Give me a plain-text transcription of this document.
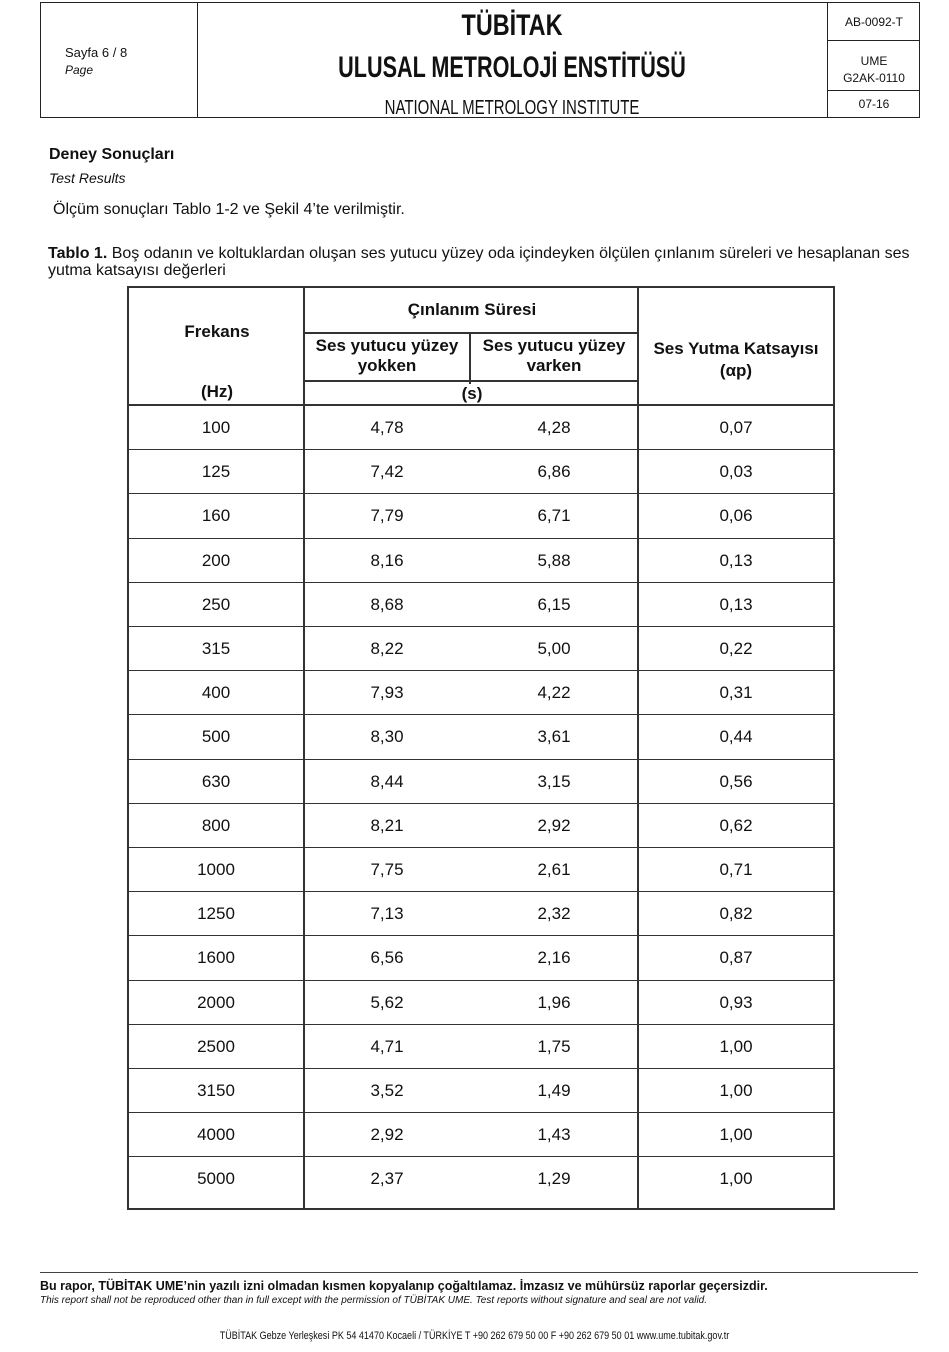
Sayfa 6 / 8
Page
TÜBİTAK
ULUSAL METROLOJİ ENSTİTÜSÜ
NATIONAL METROLOGY INSTITUTE
AB-0092-T
UME
G2AK-0110
07-16
Deney Sonuçları
Test Results
Ölçüm sonuçları Tablo 1-2 ve Şekil 4’te verilmiştir.
Tablo 1. Boş odanın ve koltuklardan oluşan ses yutucu yüzey oda içindeyken ölçülen çınlanım süreleri ve hesaplanan ses yutma katsayısı değerleri
Frekans
(Hz)
Çınlanım Süresi
Ses yutucu yüzey
yokken
Ses yutucu yüzey
varken
(s)
Ses Yutma Katsayısı
(αp)
100	4,78	4,28	0,07
125	7,42	6,86	0,03
160	7,79	6,71	0,06
200	8,16	5,88	0,13
250	8,68	6,15	0,13
315	8,22	5,00	0,22
400	7,93	4,22	0,31
500	8,30	3,61	0,44
630	8,44	3,15	0,56
800	8,21	2,92	0,62
1000	7,75	2,61	0,71
1250	7,13	2,32	0,82
1600	6,56	2,16	0,87
2000	5,62	1,96	0,93
2500	4,71	1,75	1,00
3150	3,52	1,49	1,00
4000	2,92	1,43	1,00
5000	2,37	1,29	1,00
Bu rapor, TÜBİTAK UME’nin yazılı izni olmadan kısmen kopyalanıp çoğaltılamaz. İmzasız ve mühürsüz raporlar geçersizdir.
This report shall not be reproduced other than in full except with the permission of TÜBİTAK UME. Test reports without signature and seal are not valid.
TÜBİTAK Gebze Yerleşkesi PK 54 41470 Kocaeli / TÜRKİYE T +90 262 679 50 00 F +90 262 679 50 01 www.ume.tubitak.gov.tr
